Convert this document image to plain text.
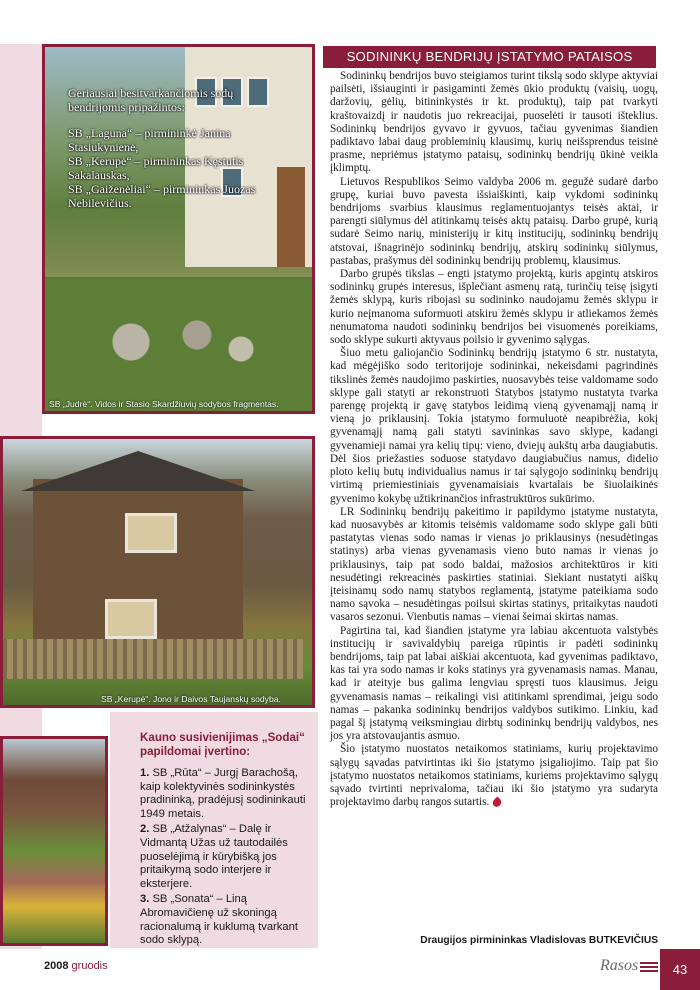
SB „Judrė“. Vidos ir Stasio Skardžiuvių sodybos fragmentas.

Geriausiai besitvarkančiomis sodų bendrijomis pripažintos:

SB „Laguna“ – pirmininkė Janina Stasiukynienė,

SB „Kerupė“ – pirmininkas Kęstutis Sakalauskas,

SB „Gaiženėliai“ – pirmininkas Juozas Nebilevičius.

SB „Kerupė“. Jono ir Daivos Taujanskų sodyba.

Kauno susivienijimas „Sodai“ papildomai įvertino:

1. SB „Rūta“ – Jurgį Barachošą, kaip kolektyvinės sodininkystės pradininką, pradėjusį sodininkauti 1949 metais.

2. SB „Atžalynas“ – Dalę ir Vidmantą Užas už tautodailės puoselėjimą ir kūrybišką jos pritaikymą sodo interjere ir eksterjere.

3. SB „Sonata“ – Liną Abromavičienę už skoningą racionalumą ir kuklumą tvarkant sodo sklypą.

SODININKŲ BENDRIJŲ ĮSTATYMO PATAISOS

Sodininkų bendrijos buvo steigiamos turint tikslą sodo sklype aktyviai pailsėti, išsiauginti ir pasigaminti žemės ūkio produktų (vaisių, uogų, daržovių, gėlių, bitininkystės ir kt. produktų), taip pat tvarkyti kraštovaizdį ir naudotis juo rekreacijai, puoselėti ir tausoti išteklius. Sodininkų bendrijos gyvavo ir gyvuos, tačiau gyvenimas šiandien padiktavo labai daug probleminių klausimų, kurių neišsprendus teisinė prasme, nepriėmus įstatymo pataisų, sodininkų bendrijų ūkinė veikla įklimptų.

Lietuvos Respublikos Seimo valdyba 2006 m. gegužė sudarė darbo grupę, kuriai buvo pavesta išsiaiškinti, kaip vykdomi sodininkų bendrijoms svarbius klausimus reglamentuojantys teisės aktai, ir parengti siūlymus dėl atitinkamų teisės aktų pataisų. Darbo grupė, kurią sudarė Seimo narių, ministerijų ir kitų institucijų, sodininkų bendrijų atstovai, išnagrinėjo sodininkų bendrijų, atskirų sodininkų siūlymus, pastabas, prašymus dėl sodininkų bendrijų problemų, klausimus.

Darbo grupės tikslas – engti įstatymo projektą, kuris apgintų atskiros sodininkų grupės interesus, išplečiant asmenų ratą, turinčių teisę įsigyti žemės sklypą, kuris ribojasi su sodininko naudojamu žemės sklypu ir kurio neįmanoma suformuoti atskiru žemės sklypu ir atliekamos žemės nenumatoma naudoti sodininkų bendrijos bei visuomenės poreikiams, sodo sklype sukurti aktyvaus poilsio ir gyvenimo sąlygas.

Šiuo metu galiojančio Sodininkų bendrijų įstatymo 6 str. nustatyta, kad mėgėjiško sodo teritorijoje sodininkai, nekeisdami pagrindinės tikslinės žemės naudojimo paskirties, nuosavybės teise valdomame sodo sklype gali statyti ar rekonstruoti Statybos įstatymo nustatyta tvarka parengę projektą ir gavę statybos leidimą vieną gyvenamąjį namą ir vieną jo priklausinį. Tokia įstatymo formuluotė neapibrėžia, kokį gyvenamąjį namą gali statyti savininkas savo sklype, kadangi gyvenamieji namai yra kelių tipų: vieno, dviejų aukštų arba daugiabutis. Dėl šios priežasties soduose statydavo daugiabučius namus, didelio ploto kelių butų individualius namus ir tai sąlygojo sodininkų bendrijų virtimą priemiestiniais gyvenamaisiais kvartalais be šiuolaikinės gyvenimo kokybę užtikrinančios infrastruktūros sukūrimo.

LR Sodininkų bendrijų pakeitimo ir papildymo įstatyme nustatyta, kad nuosavybės ar kitomis teisėmis valdomame sodo sklype gali būti pastatytas vienas sodo namas ir vienas jo priklausinys (nesudėtingas statinys) arba vienas gyvenamasis vieno buto namas ir vienas jo priklausinys, taip pat sodo baldai, mažosios architektūros ir kiti nesudėtingi rekreacinės paskirties statiniai. Siekiant nustatyti aiškų įteisinamų sodo namų statybos reglamentą, įstatyme pateikiama sodo namo sąvoka – nesudėtingas poilsui skirtas statinys, pritaikytas naudoti vasaros sezonui. Vienbutis namas – vienai šeimai skirtas namas.

Pagirtina tai, kad šiandien įstatyme yra labiau akcentuota valstybės institucijų ir savivaldybių pareiga rūpintis ir padėti sodininkų bendrijoms, taip pat labai aiškiai akcentuota, kad gyvenimas padiktavo, kas tai yra sodo namas ir koks statinys yra gyvenamasis namas. Manau, kad ir ateityje bus galima lengviau spręsti tuos klausimus. Jeigu gyvenamasis namas – reikalingi visi atitinkami sprendimai, jeigu sodo namas – pakanka sodininkų bendrijos valdybos sutikimo. Linkiu, kad pagal šį įstatymą veiksmingiau dirbtų sodininkų bendrijų valdybos, nes jos yra atstovaujantis asmuo.

Šio įstatymo nuostatos netaikomos statiniams, kurių projektavimo sąlygų sąvadas patvirtintas iki šio įstatymo įsigaliojimo. Taip pat šio įstatymo nuostatos netaikomos statiniams, kuriems projektavimo sąlygų sąvado tvirtinti neprivaloma, tačiau iki šio įstatymo yra sudaryta projektavimo darbų rangos sutartis.

Draugijos pirmininkas Vladislovas BUTKEVIČIUS
2008 gruodis	Rasos	43
